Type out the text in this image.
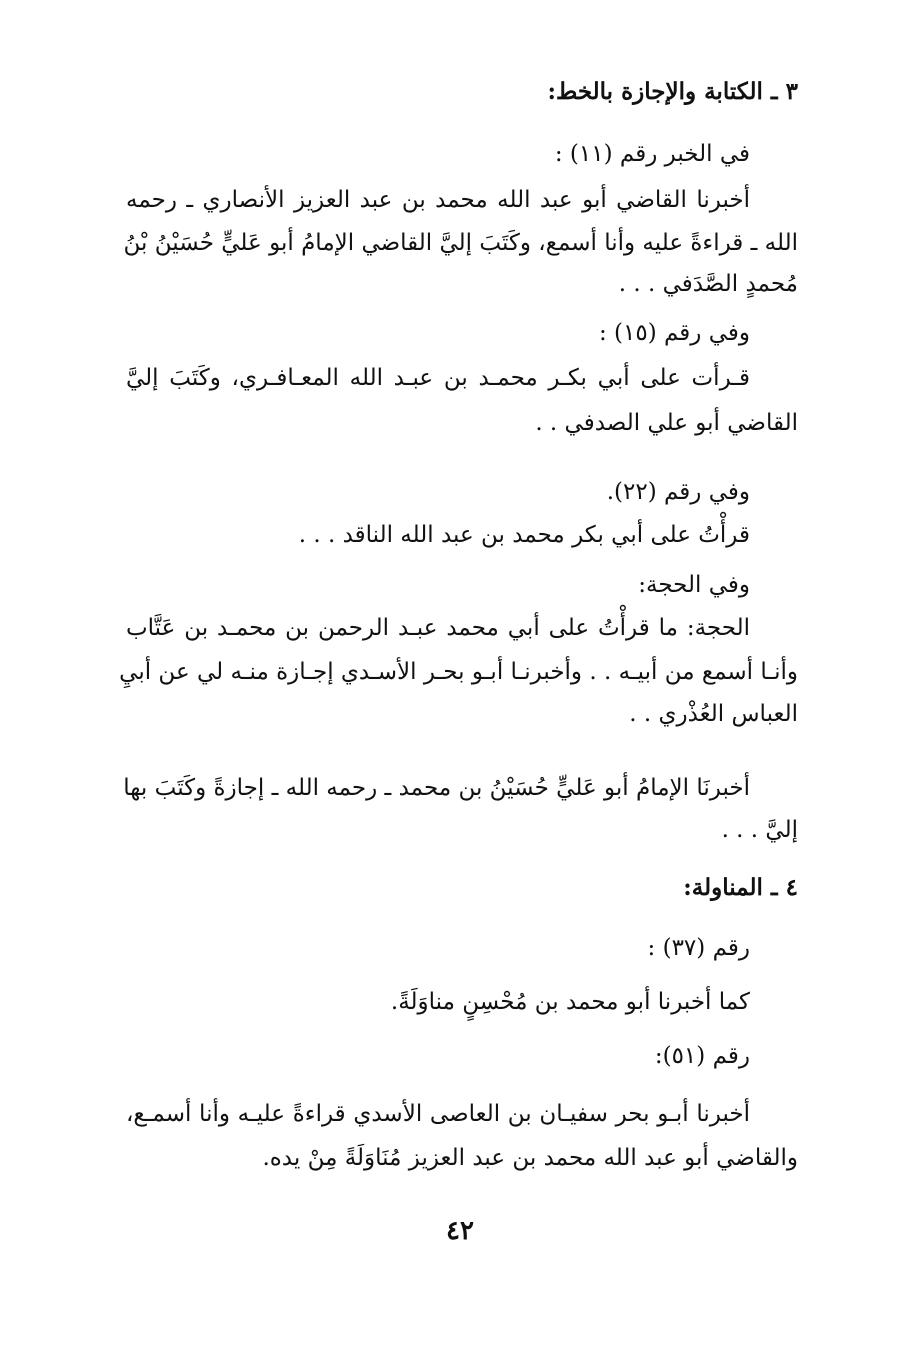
٣ ـ الكتابة والإجازة بالخط:
في الخبر رقم (١١) :
أخبرنا القاضي أبو عبد الله محمد بن عبد العزيز الأنصاري ـ رحمه
الله ـ قراءةً عليه وأنا أسمع، وكَتَبَ إليَّ القاضي الإمامُ أبو عَليٍّ حُسَيْنُ بْنُ
مُحمدٍ الصَّدَفي . . .
وفي رقم (١٥) :
قـرأت على أبي بكـر محمـد بن عبـد الله المعـافـري، وكَتَبَ إليَّ
القاضي أبو علي الصدفي . .
وفي رقم (٢٢).
قرأْتُ على أبي بكر محمد بن عبد الله الناقد . . .
وفي الحجة:
الحجة: ما قرأْتُ على أبي محمد عبـد الرحمن بن محمـد بن عَتَّاب
وأنـا أسمع من أبيـه . . وأخبرنـا أبـو بحـر الأسـدي إجـازة منـه لي عن أبيِ
العباس العُذْري . .
أخبرنَا الإمامُ أبو عَليٍّ حُسَيْنُ بن محمد ـ رحمه الله ـ إجازةً وكَتَبَ بها
إليَّ . . .
٤ ـ المناولة:
رقم (٣٧) :
كما أخبرنا أبو محمد بن مُحْسِنٍ مناوَلَةً.
رقم (٥١):
أخبرنا أبـو بحر سفيـان بن العاصى الأسدي قراءةً عليـه وأنا أسمـع،
والقاضي أبو عبد الله محمد بن عبد العزيز مُنَاوَلَةً مِنْ يده.
٤٢
